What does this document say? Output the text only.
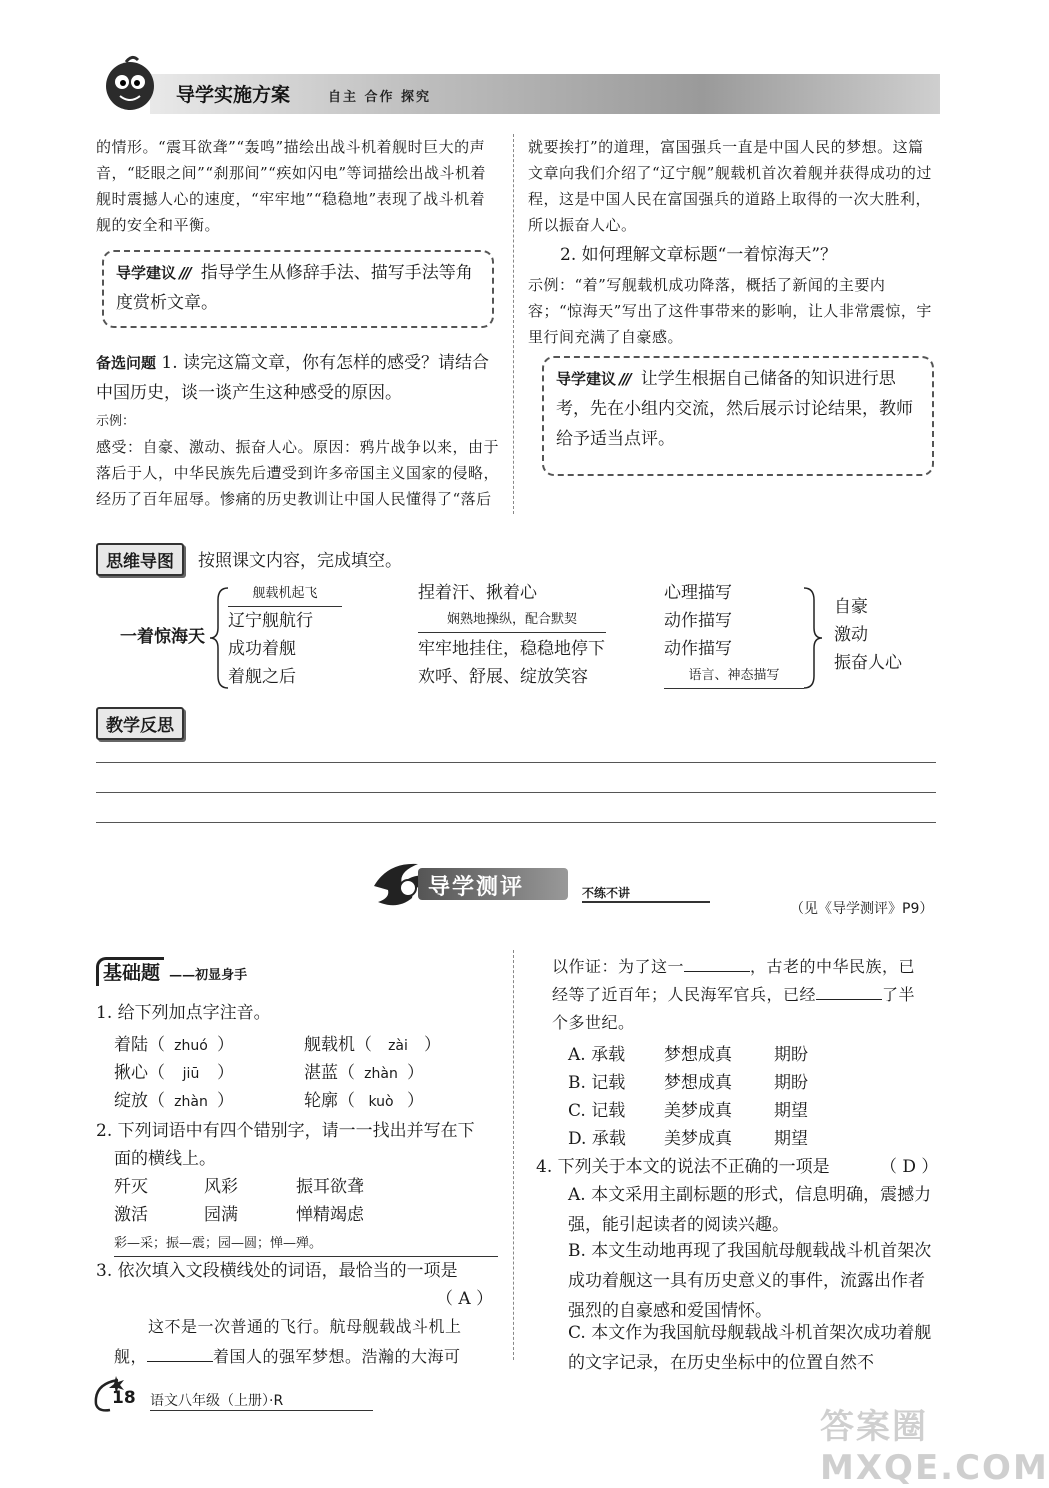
导学实施方案	自主 合作 探究
的情形。“震耳欲聋”“轰鸣”描绘出战斗机着舰时巨大的声音，“眨眼之间”“刹那间”“疾如闪电”等词描绘出战斗机着舰时震撼人心的速度，“牢牢地”“稳稳地”表现了战斗机着舰的安全和平衡。
导学建议 /// 指导学生从修辞手法、描写手法等角度赏析文章。
备选问题 1. 读完这篇文章，你有怎样的感受？请结合中国历史，谈一谈产生这种感受的原因。
示例：
感受：自豪、激动、振奋人心。原因：鸦片战争以来，由于落后于人，中华民族先后遭受到许多帝国主义国家的侵略，经历了百年屈辱。惨痛的历史教训让中国人民懂得了“落后
就要挨打”的道理，富国强兵一直是中国人民的梦想。这篇文章向我们介绍了“辽宁舰”舰载机首次着舰并获得成功的过程，这是中国人民在富国强兵的道路上取得的一次大胜利，所以振奋人心。
2. 如何理解文章标题“一着惊海天”？
示例：“着”写舰载机成功降落，概括了新闻的主要内容；“惊海天”写出了这件事带来的影响，让人非常震惊，宇里行间充满了自豪感。
导学建议 /// 让学生根据自己储备的知识进行思考，先在小组内交流，然后展示讨论结果，教师给予适当点评。
思维导图	按照课文内容，完成填空。
一着惊海天
舰载机起飞
辽宁舰航行
成功着舰
着舰之后
捏着汗、揪着心
娴熟地操纵，配合默契
牢牢地挂住，稳稳地停下
欢呼、舒展、绽放笑容
心理描写
动作描写
动作描写
语言、神态描写
自豪
激动
振奋人心
教学反思
导学测评	不练不讲
（见《导学测评》P9）
基础题 ——初显身手
1. 给下列加点字注音。
着陆（ zhuó ）	舰载机（ zài ）
揪心（ jiū ）	湛蓝（ zhàn ）
绽放（ zhàn ）	轮廓（ kuò ）
2. 下列词语中有四个错别字，请一一找出并写在下
面的横线上。
歼灭	风彩	振耳欲聋
激活	园满	惮精竭虑
彩—采；振—震；园—圆；惮—殚。
3. 依次填入文段横线处的词语，最恰当的一项是
（ A ）
这不是一次普通的飞行。航母舰载战斗机上
舰，	着国人的强军梦想。浩瀚的大海可
以作证：为了这一	，古老的中华民族，已
经等了近百年；人民海军官兵，已经	了半
个多世纪。
A. 承载 梦想成真 期盼
B. 记载 梦想成真 期盼
C. 记载 美梦成真 期望
D. 承载 美梦成真 期望
4. 下列关于本文的说法不正确的一项是	（ D ）
A. 本文采用主副标题的形式，信息明确，震撼力强，能引起读者的阅读兴趣。
B. 本文生动地再现了我国航母舰载战斗机首架次成功着舰这一具有历史意义的事件，流露出作者强烈的自豪感和爱国情怀。
C. 本文作为我国航母舰载战斗机首架次成功着舰的文字记录，在历史坐标中的位置自然不
18 语文八年级（上册）·R
答案圈 MXQE.COM
